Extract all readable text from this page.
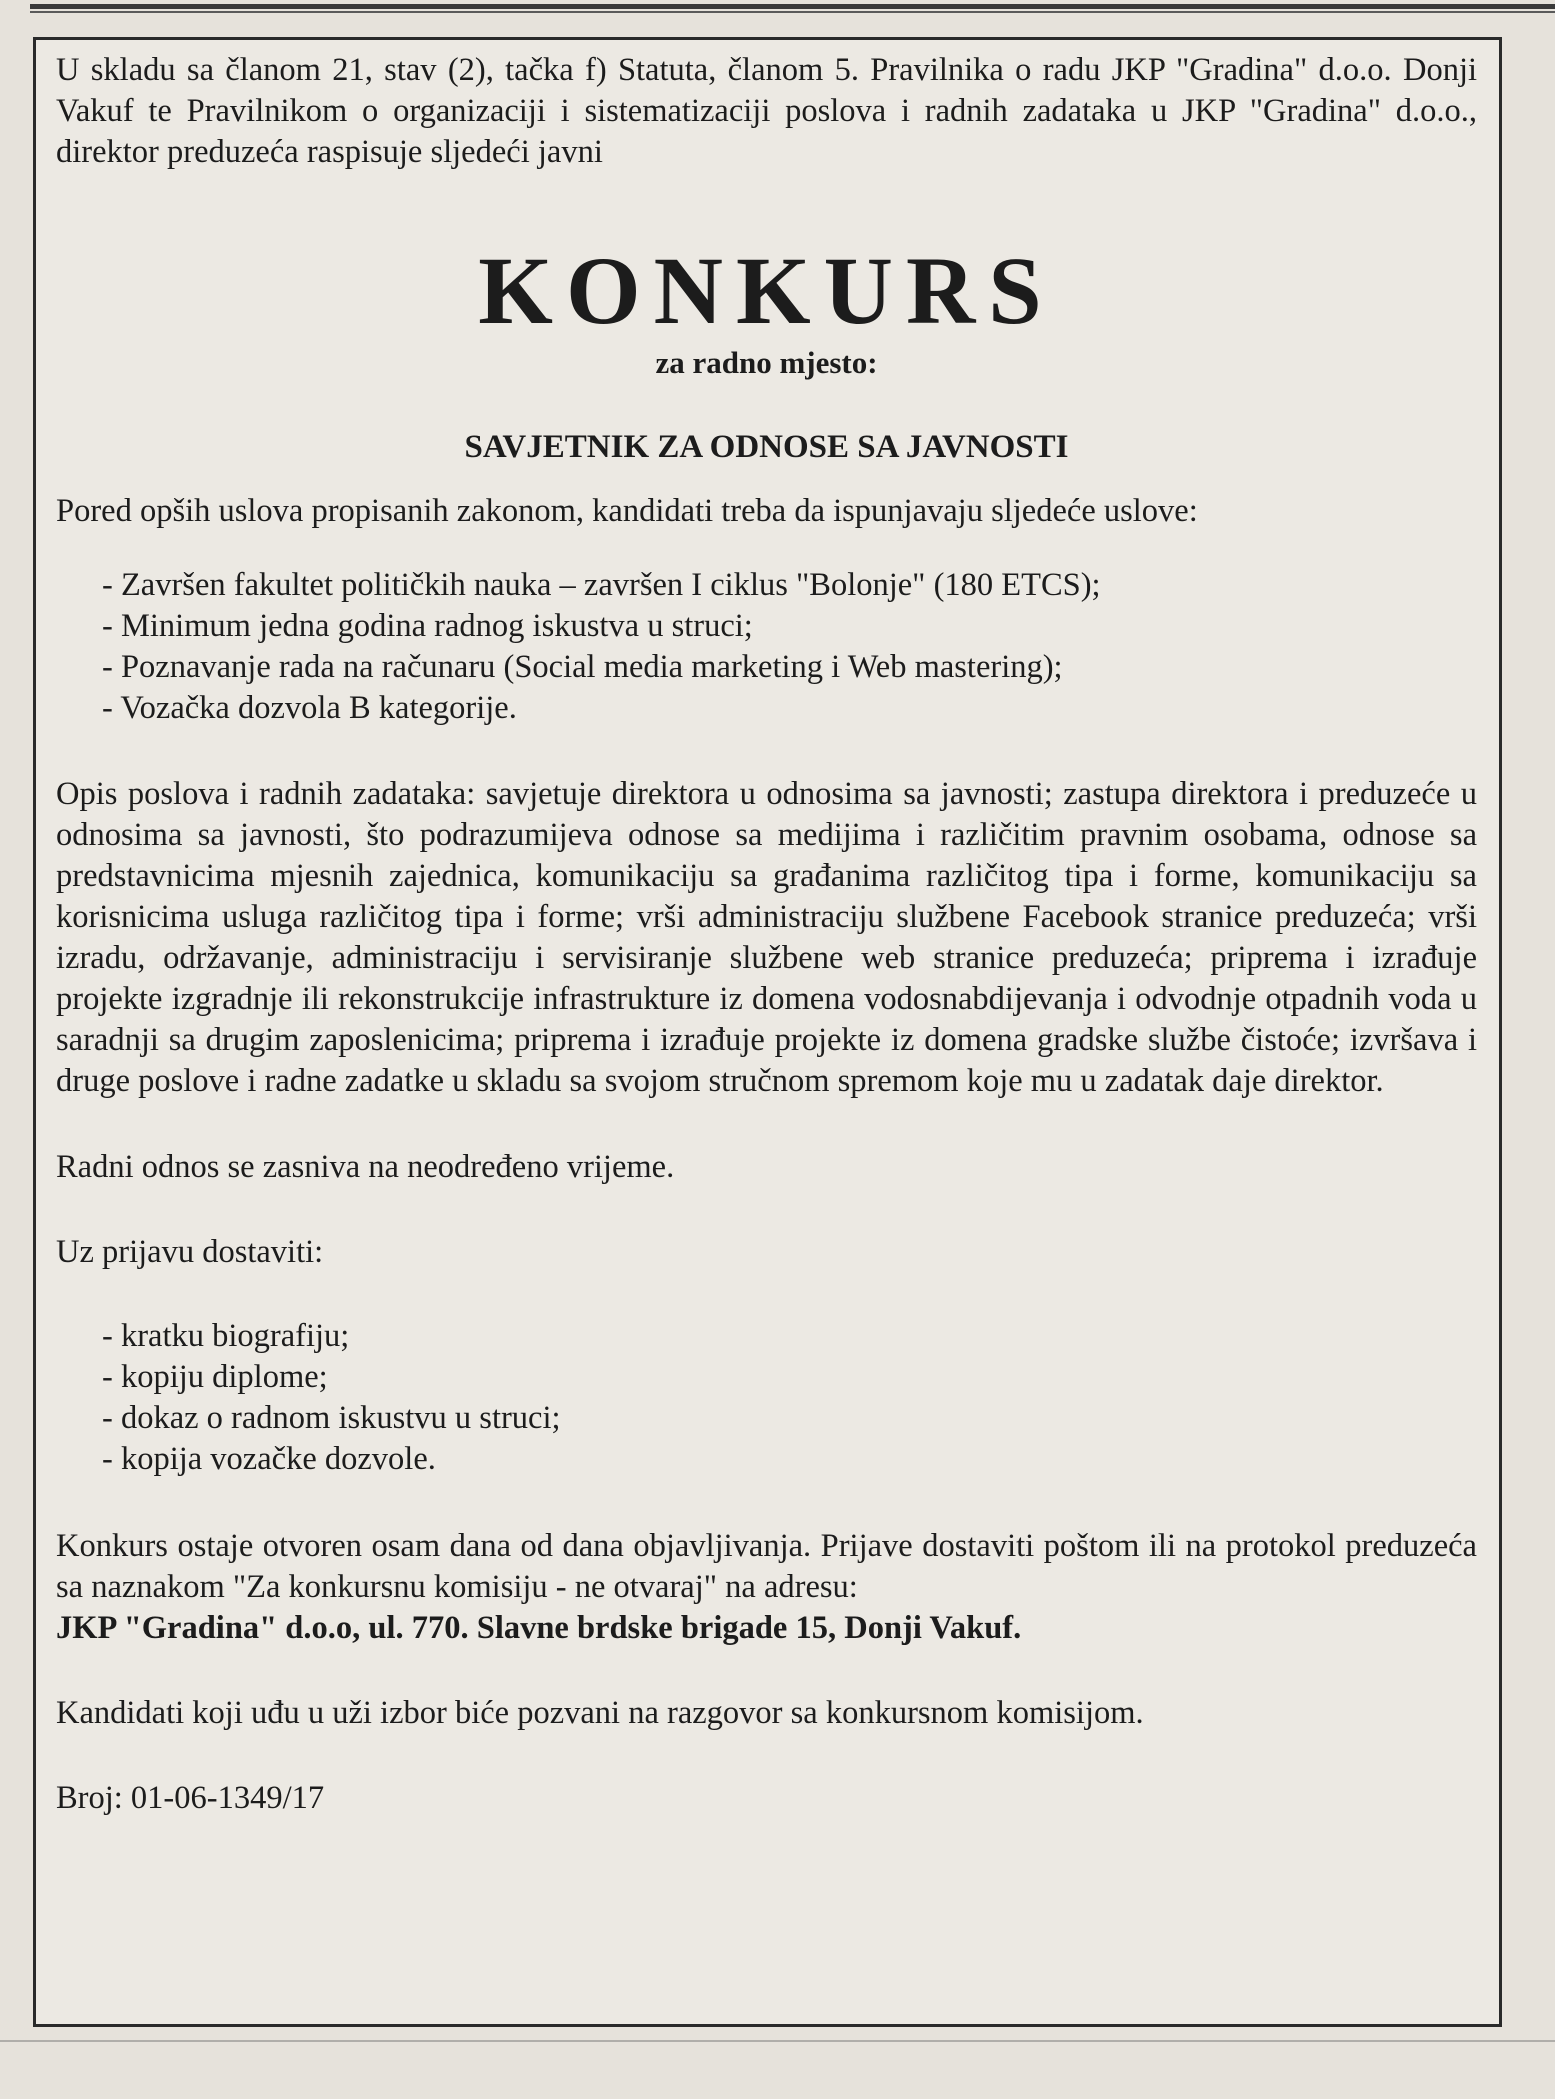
U skladu sa članom 21, stav (2), tačka f) Statuta, članom 5. Pravilnika o radu JKP "Gradina" d.o.o. Donji Vakuf te Pravilnikom o organizaciji i sistematizaciji poslova i radnih zadataka u JKP "Gradina" d.o.o., direktor preduzeća raspisuje sljedeći javni

KONKURS

za radno mjesto:

SAVJETNIK ZA ODNOSE SA JAVNOSTI

Pored opših uslova propisanih zakonom, kandidati treba da ispunjavaju sljedeće uslove:

- Završen fakultet političkih nauka – završen I ciklus "Bolonje" (180 ETCS);
- Minimum jedna godina radnog iskustva u struci;
- Poznavanje rada na računaru (Social media marketing i Web mastering);
- Vozačka dozvola B kategorije.

Opis poslova i radnih zadataka: savjetuje direktora u odnosima sa javnosti; zastupa direktora i preduzeće u odnosima sa javnosti, što podrazumijeva odnose sa medijima i različitim pravnim osobama, odnose sa predstavnicima mjesnih zajednica, komunikaciju sa građanima različitog tipa i forme, komunikaciju sa korisnicima usluga različitog tipa i forme; vrši administraciju službene Facebook stranice preduzeća; vrši izradu, održavanje, administraciju i servisiranje službene web stranice preduzeća; priprema i izrađuje projekte izgradnje ili rekonstrukcije infrastrukture iz domena vodosnabdijevanja i odvodnje otpadnih voda u saradnji sa drugim zaposlenicima; priprema i izrađuje projekte iz domena gradske službe čistoće; izvršava i druge poslove i radne zadatke u skladu sa svojom stručnom spremom koje mu u zadatak daje direktor.

Radni odnos se zasniva na neodređeno vrijeme.

Uz prijavu dostaviti:

- kratku biografiju;
- kopiju diplome;
- dokaz o radnom iskustvu u struci;
- kopija vozačke dozvole.

Konkurs ostaje otvoren osam dana od dana objavljivanja. Prijave dostaviti poštom ili na protokol preduzeća sa naznakom "Za konkursnu komisiju - ne otvaraj" na adresu:

JKP "Gradina" d.o.o, ul. 770. Slavne brdske brigade 15, Donji Vakuf.

Kandidati koji uđu u uži izbor biće pozvani na razgovor sa konkursnom komisijom.

Broj: 01-06-1349/17
